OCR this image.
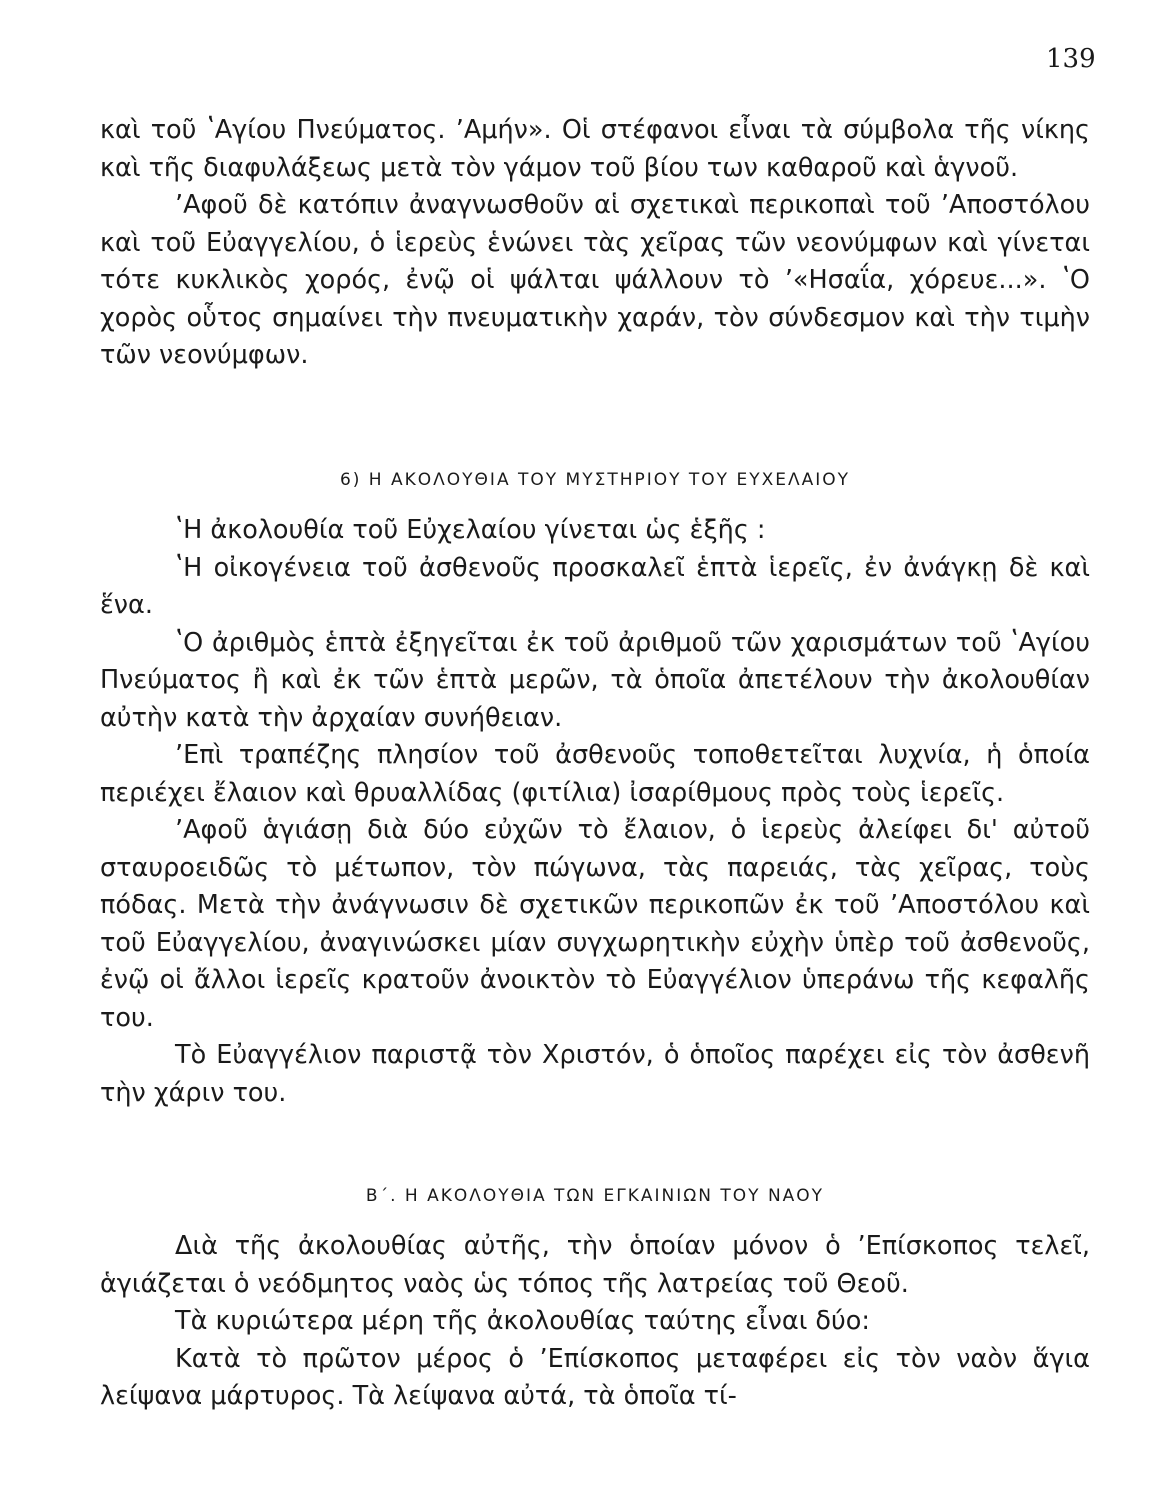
139

καὶ τοῦ ʽΑγίου Πνεύματος. ʼΑμήν». Οἱ στέφανοι εἶναι τὰ σύμβολα τῆς νίκης καὶ τῆς διαφυλάξεως μετὰ τὸν γάμον τοῦ βίου των καθαροῦ καὶ ἁγνοῦ.

ʼΑφοῦ δὲ κατόπιν ἀναγνωσθοῦν αἱ σχετικαὶ περικοπαὶ τοῦ ʼΑποστόλου καὶ τοῦ Εὐαγγελίου, ὁ ἱερεὺς ἑνώνει τὰς χεῖρας τῶν νεονύμφων καὶ γίνεται τότε κυκλικὸς χορός, ἐνῷ οἱ ψάλται ψάλλουν τὸ ʼ«Ησαΐα, χόρευε...». ʽΟ χορὸς οὗτος σημαίνει τὴν πνευματικὴν χαράν, τὸν σύνδεσμον καὶ τὴν τιμὴν τῶν νεονύμφων.

6) Η ΑΚΟΛΟΥΘΙΑ ΤΟΥ ΜΥΣΤΗΡΙΟΥ ΤΟΥ ΕΥΧΕΛΑΙΟΥ

ʽΗ ἀκολουθία τοῦ Εὐχελαίου γίνεται ὡς ἑξῆς :

ʽΗ οἰκογένεια τοῦ ἀσθενοῦς προσκαλεῖ ἑπτὰ ἱερεῖς, ἐν ἀνάγκῃ δὲ καὶ ἕνα.

ʽΟ ἀριθμὸς ἑπτὰ ἐξηγεῖται ἐκ τοῦ ἀριθμοῦ τῶν χαρισμάτων τοῦ ʽΑγίου Πνεύματος ἢ καὶ ἐκ τῶν ἑπτὰ μερῶν, τὰ ὁποῖα ἀπετέλουν τὴν ἀκολουθίαν αὐτὴν κατὰ τὴν ἀρχαίαν συνήθειαν.

ʼΕπὶ τραπέζης πλησίον τοῦ ἀσθενοῦς τοποθετεῖται λυχνία, ἡ ὁποία περιέχει ἔλαιον καὶ θρυαλλίδας (φιτίλια) ἰσαρίθμους πρὸς τοὺς ἱερεῖς.

ʼΑφοῦ ἁγιάσῃ διὰ δύο εὐχῶν τὸ ἔλαιον, ὁ ἱερεὺς ἀλείφει δι' αὐτοῦ σταυροειδῶς τὸ μέτωπον, τὸν πώγωνα, τὰς παρειάς, τὰς χεῖρας, τοὺς πόδας. Μετὰ τὴν ἀνάγνωσιν δὲ σχετικῶν περικοπῶν ἐκ τοῦ ʼΑποστόλου καὶ τοῦ Εὐαγγελίου, ἀναγινώσκει μίαν συγχωρητικὴν εὐχὴν ὑπὲρ τοῦ ἀσθενοῦς, ἐνῷ οἱ ἄλλοι ἱερεῖς κρατοῦν ἀνοικτὸν τὸ Εὐαγγέλιον ὑπεράνω τῆς κεφαλῆς του.

Τὸ Εὐαγγέλιον παριστᾷ τὸν Χριστόν, ὁ ὁποῖος παρέχει εἰς τὸν ἀσθενῆ τὴν χάριν του.

Β΄. Η ΑΚΟΛΟΥΘΙΑ ΤΩΝ ΕΓΚΑΙΝΙΩΝ ΤΟΥ ΝΑΟΥ

Διὰ τῆς ἀκολουθίας αὐτῆς, τὴν ὁποίαν μόνον ὁ ʼΕπίσκοπος τελεῖ, ἁγιάζεται ὁ νεόδμητος ναὸς ὡς τόπος τῆς λατρείας τοῦ Θεοῦ.

Τὰ κυριώτερα μέρη τῆς ἀκολουθίας ταύτης εἶναι δύο:

Κατὰ τὸ πρῶτον μέρος ὁ ʼΕπίσκοπος μεταφέρει εἰς τὸν ναὸν ἅγια λείψανα μάρτυρος. Τὰ λείψανα αὐτά, τὰ ὁποῖα τί-
